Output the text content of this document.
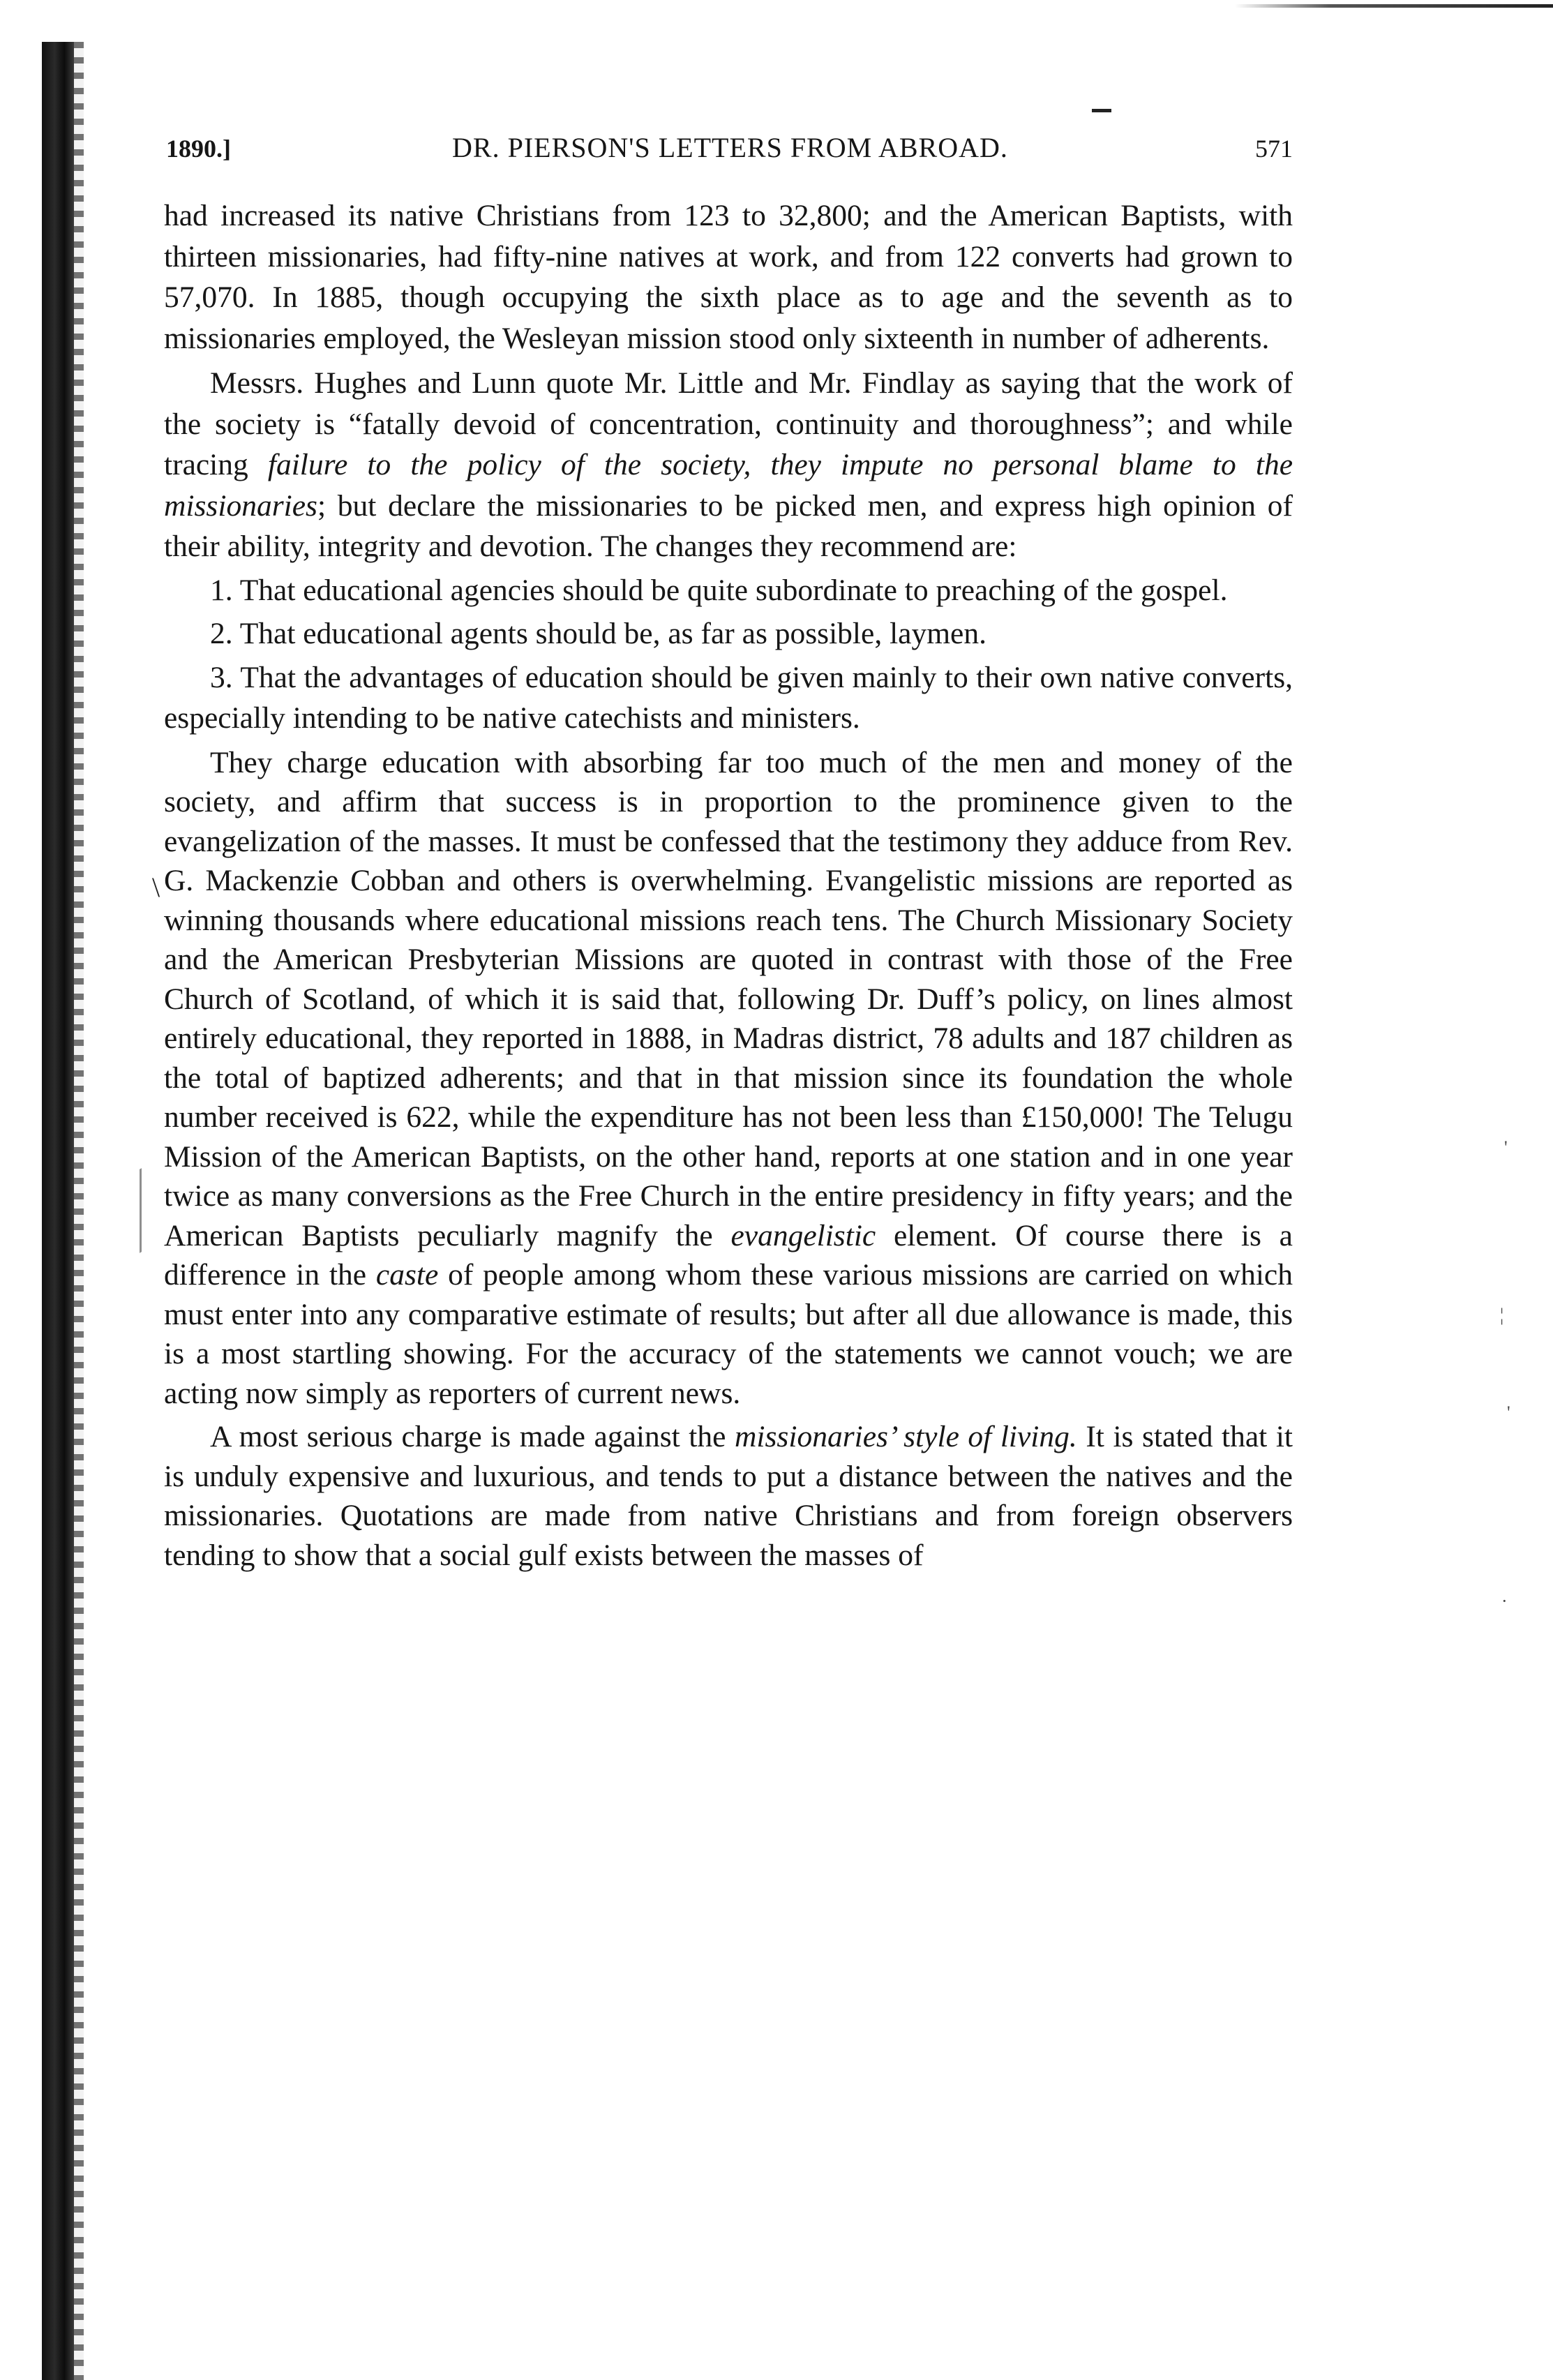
1890.]	DR. PIERSON'S LETTERS FROM ABROAD.	571

had increased its native Christians from 123 to 32,800; and the American Baptists, with thirteen missionaries, had fifty-nine natives at work, and from 122 converts had grown to 57,070. In 1885, though occupying the sixth place as to age and the seventh as to missionaries employed, the Wesleyan mission stood only sixteenth in number of adherents.

Messrs. Hughes and Lunn quote Mr. Little and Mr. Findlay as saying that the work of the society is “fatally devoid of concentration, continuity and thoroughness”; and while tracing failure to the policy of the society, they impute no personal blame to the missionaries; but declare the missionaries to be picked men, and express high opinion of their ability, integrity and devotion. The changes they recommend are:

1. That educational agencies should be quite subordinate to preaching of the gospel.

2. That educational agents should be, as far as possible, laymen.

3. That the advantages of education should be given mainly to their own native converts, especially intending to be native catechists and ministers.

They charge education with absorbing far too much of the men and money of the society, and affirm that success is in proportion to the prominence given to the evangelization of the masses. It must be confessed that the testimony they adduce from Rev. G. Mackenzie Cobban and others is overwhelming. Evangelistic missions are reported as winning thousands where educational missions reach tens. The Church Missionary Society and the American Presbyterian Missions are quoted in contrast with those of the Free Church of Scotland, of which it is said that, following Dr. Duff’s policy, on lines almost entirely educational, they reported in 1888, in Madras district, 78 adults and 187 children as the total of baptized adherents; and that in that mission since its foundation the whole number received is 622, while the expenditure has not been less than £150,000! The Telugu Mission of the American Baptists, on the other hand, reports at one station and in one year twice as many conversions as the Free Church in the entire presidency in fifty years; and the American Baptists peculiarly magnify the evangelistic element. Of course there is a difference in the caste of people among whom these various missions are carried on which must enter into any comparative estimate of results; but after all due allowance is made, this is a most startling showing. For the accuracy of the statements we cannot vouch; we are acting now simply as reporters of current news.

A most serious charge is made against the missionaries’ style of living. It is stated that it is unduly expensive and luxurious, and tends to put a distance between the natives and the missionaries. Quotations are made from native Christians and from foreign observers tending to show that a social gulf exists between the masses of

\
'
¦
'
·
